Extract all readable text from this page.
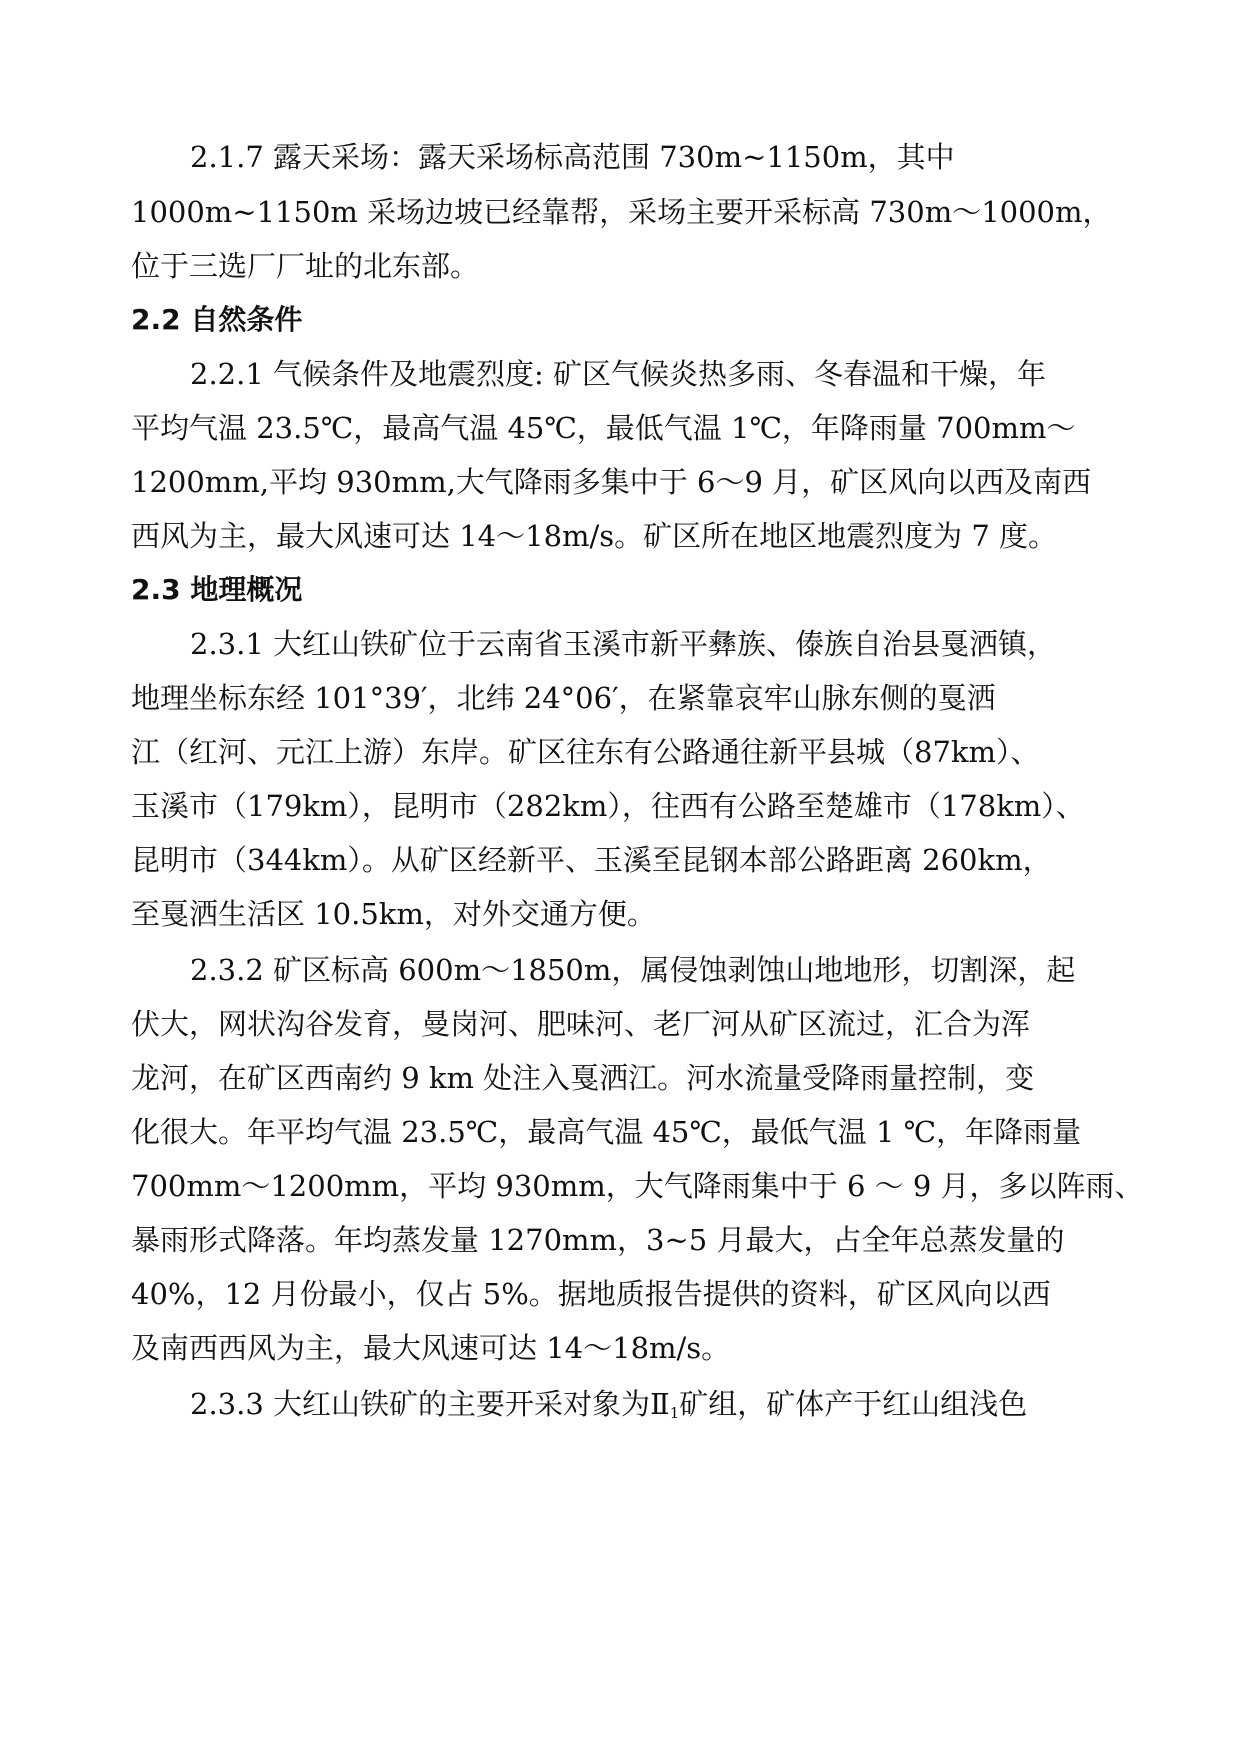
2.1.7 露天采场：露天采场标高范围 730m~1150m，其中
1000m~1150m 采场边坡已经靠帮，采场主要开采标高 730m～1000m，
位于三选厂厂址的北东部。
2.2 自然条件
2.2.1 气候条件及地震烈度: 矿区气候炎热多雨、冬春温和干燥，年
平均气温 23.5℃，最高气温 45℃，最低气温 1℃，年降雨量 700mm～
1200mm,平均 930mm,大气降雨多集中于 6～9 月，矿区风向以西及南西
西风为主，最大风速可达 14～18m/s。矿区所在地区地震烈度为 7 度。
2.3 地理概况
2.3.1 大红山铁矿位于云南省玉溪市新平彝族、傣族自治县戛洒镇，
地理坐标东经 101°39′，北纬 24°06′，在紧靠哀牢山脉东侧的戛洒
江（红河、元江上游）东岸。矿区往东有公路通往新平县城（87km）、
玉溪市（179km），昆明市（282km），往西有公路至楚雄市（178km）、
昆明市（344km）。从矿区经新平、玉溪至昆钢本部公路距离 260km，
至戛洒生活区 10.5km，对外交通方便。
2.3.2 矿区标高 600m～1850m，属侵蚀剥蚀山地地形，切割深，起
伏大，网状沟谷发育，曼岗河、肥味河、老厂河从矿区流过，汇合为浑
龙河，在矿区西南约 9 km 处注入戛洒江。河水流量受降雨量控制，变
化很大。年平均气温 23.5℃，最高气温 45℃，最低气温 1 ℃，年降雨量
700mm～1200mm，平均 930mm，大气降雨集中于 6 ～ 9 月，多以阵雨、
暴雨形式降落。年均蒸发量 1270mm，3~5 月最大，占全年总蒸发量的
40%，12 月份最小，仅占 5%。据地质报告提供的资料，矿区风向以西
及南西西风为主，最大风速可达 14～18m/s。
2.3.3 大红山铁矿的主要开采对象为$Ⅱ_1$矿组，矿体产于红山组浅色
